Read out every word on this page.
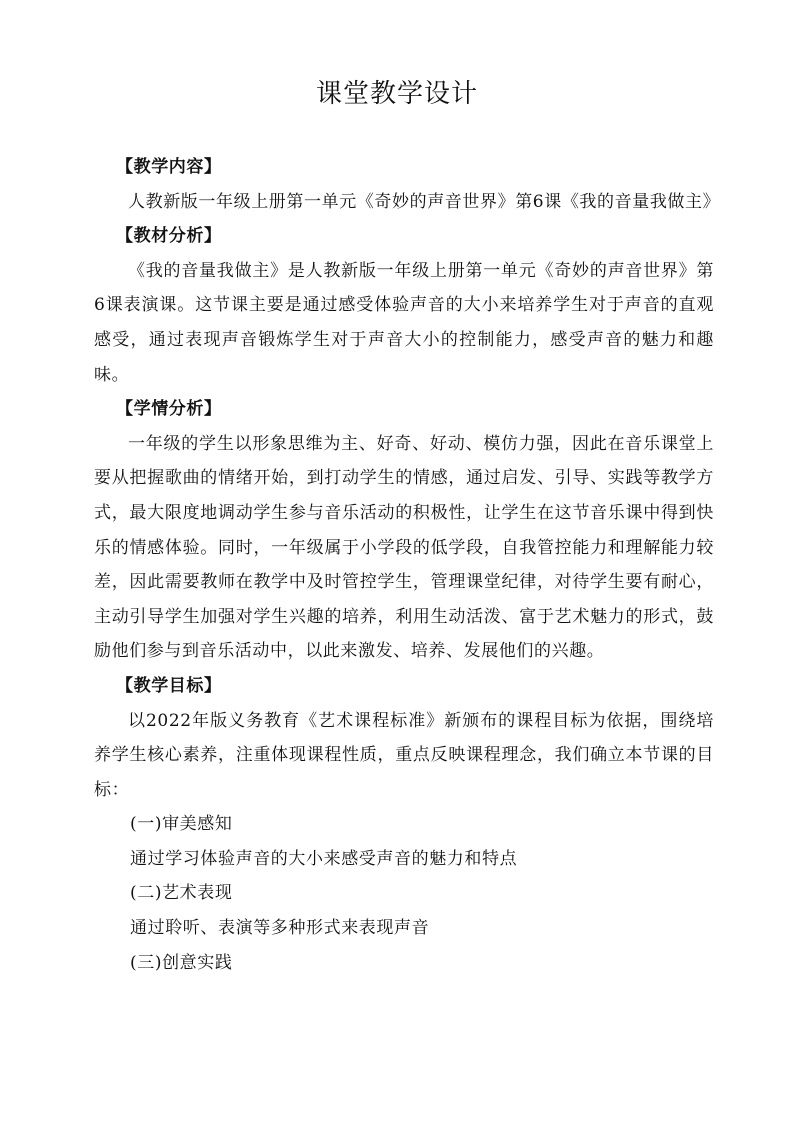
课堂教学设计

【教学内容】

人教新版一年级上册第一单元《奇妙的声音世界》第6课《我的音量我做主》

【教材分析】

《我的音量我做主》是人教新版一年级上册第一单元《奇妙的声音世界》第6课表演课。这节课主要是通过感受体验声音的大小来培养学生对于声音的直观感受，通过表现声音锻炼学生对于声音大小的控制能力，感受声音的魅力和趣味。

【学情分析】

一年级的学生以形象思维为主、好奇、好动、模仿力强，因此在音乐课堂上要从把握歌曲的情绪开始，到打动学生的情感，通过启发、引导、实践等教学方式，最大限度地调动学生参与音乐活动的积极性，让学生在这节音乐课中得到快乐的情感体验。同时，一年级属于小学段的低学段，自我管控能力和理解能力较差，因此需要教师在教学中及时管控学生，管理课堂纪律，对待学生要有耐心，主动引导学生加强对学生兴趣的培养，利用生动活泼、富于艺术魅力的形式，鼓励他们参与到音乐活动中，以此来激发、培养、发展他们的兴趣。

【教学目标】

以2022年版义务教育《艺术课程标准》新颁布的课程目标为依据，围绕培养学生核心素养，注重体现课程性质，重点反映课程理念，我们确立本节课的目标：

(一)审美感知

通过学习体验声音的大小来感受声音的魅力和特点

(二)艺术表现

通过聆听、表演等多种形式来表现声音

(三)创意实践
